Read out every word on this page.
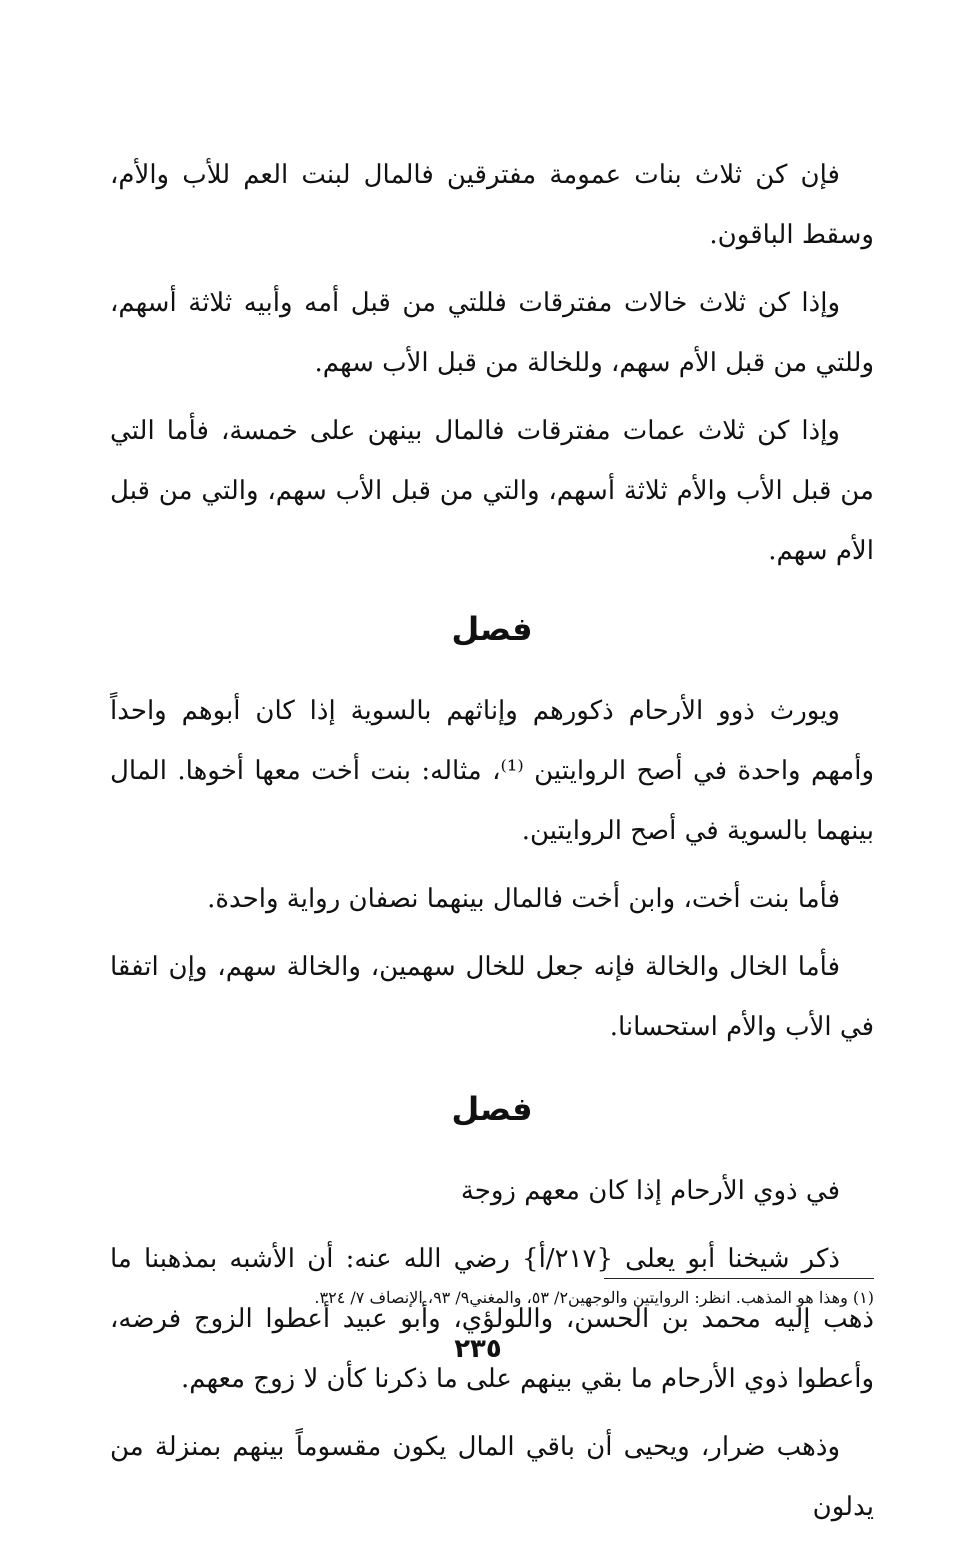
فإن كن ثلاث بنات عمومة مفترقين فالمال لبنت العم للأب والأم، وسقط الباقون.

وإذا كن ثلاث خالات مفترقات فللتي من قبل أمه وأبيه ثلاثة أسهم، وللتي من قبل الأم سهم، وللخالة من قبل الأب سهم.

وإذا كن ثلاث عمات مفترقات فالمال بينهن على خمسة، فأما التي من قبل الأب والأم ثلاثة أسهم، والتي من قبل الأب سهم، والتي من قبل الأم سهم.

فصل

ويورث ذوو الأرحام ذكورهم وإناثهم بالسوية إذا كان أبوهم واحداً وأمهم واحدة في أصح الروايتين ⁽¹⁾، مثاله: بنت أخت معها أخوها. المال بينهما بالسوية في أصح الروايتين.

فأما بنت أخت، وابن أخت فالمال بينهما نصفان رواية واحدة.

فأما الخال والخالة فإنه جعل للخال سهمين، والخالة سهم، وإن اتفقا في الأب والأم استحسانا.

فصل

في ذوي الأرحام إذا كان معهم زوجة

ذكر شيخنا أبو يعلى {٢١٧/أ} رضي الله عنه: أن الأشبه بمذهبنا ما ذهب إليه محمد بن الحسن، واللولؤي، وأبو عبيد أعطوا الزوج فرضه، وأعطوا ذوي الأرحام ما بقي بينهم على ما ذكرنا كأن لا زوج معهم.

وذهب ضرار، ويحيى أن باقي المال يكون مقسوماً بينهم بمنزلة من يدلون

(١) وهذا هو المذهب. انظر: الروايتين والوجهين٢/ ٥٣، والمغني٩/ ٩٣، الإنصاف ٧/ ٣٢٤.
٢٣٥
